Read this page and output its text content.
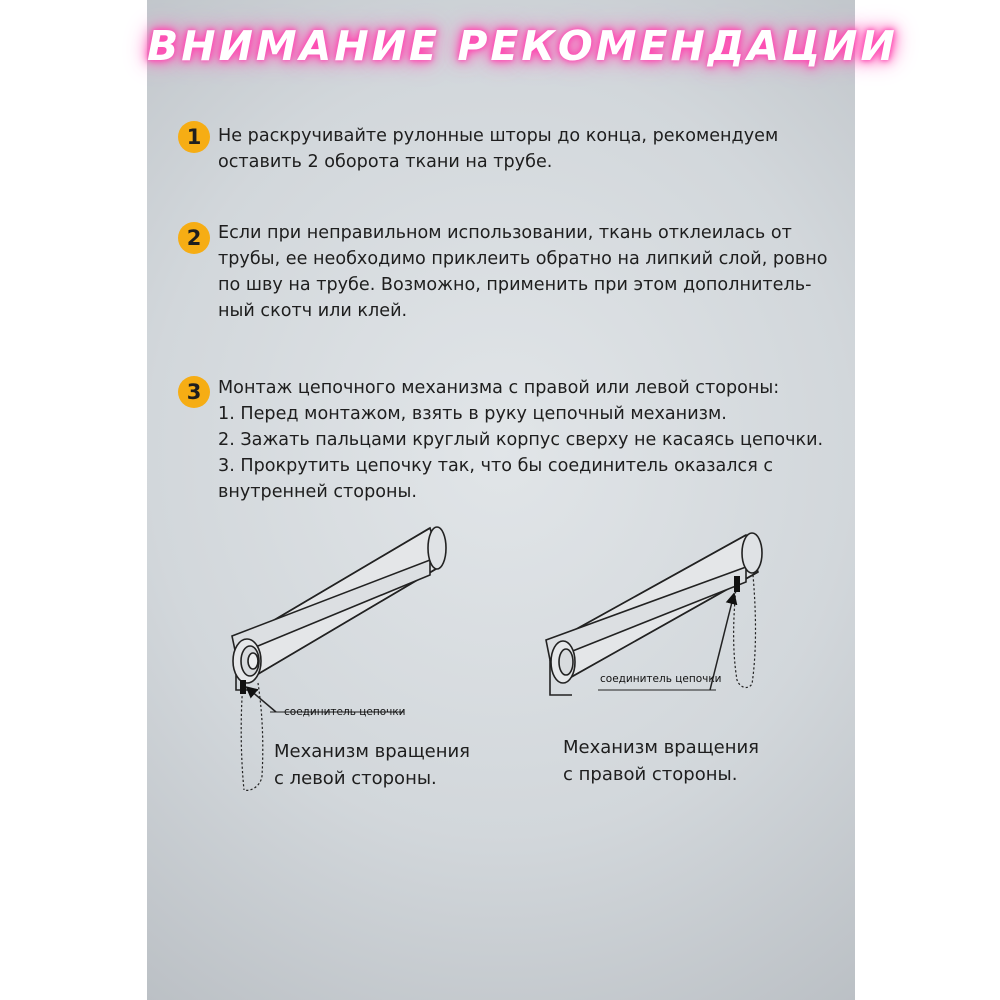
ВНИМАНИЕ РЕКОМЕНДАЦИИ
1 Не раскручивайте рулонные шторы до конца, рекомендуем
оставить 2 оборота ткани на трубе.
2 Если при неправильном использовании, ткань отклеилась от
трубы, ее необходимо приклеить обратно на липкий слой, ровно
по шву на трубе. Возможно, применить при этом дополнитель-
ный скотч или клей.
3 Монтаж цепочного механизма с правой или левой стороны:
1. Перед монтажом, взять в руку цепочный механизм.
2. Зажать пальцами круглый корпус сверху не касаясь цепочки.
3. Прокрутить цепочку так, что бы соединитель оказался с
внутренней стороны.
соединитель цепочки
соединитель цепочки
Механизм вращения
с левой стороны.
Механизм вращения
с правой стороны.
